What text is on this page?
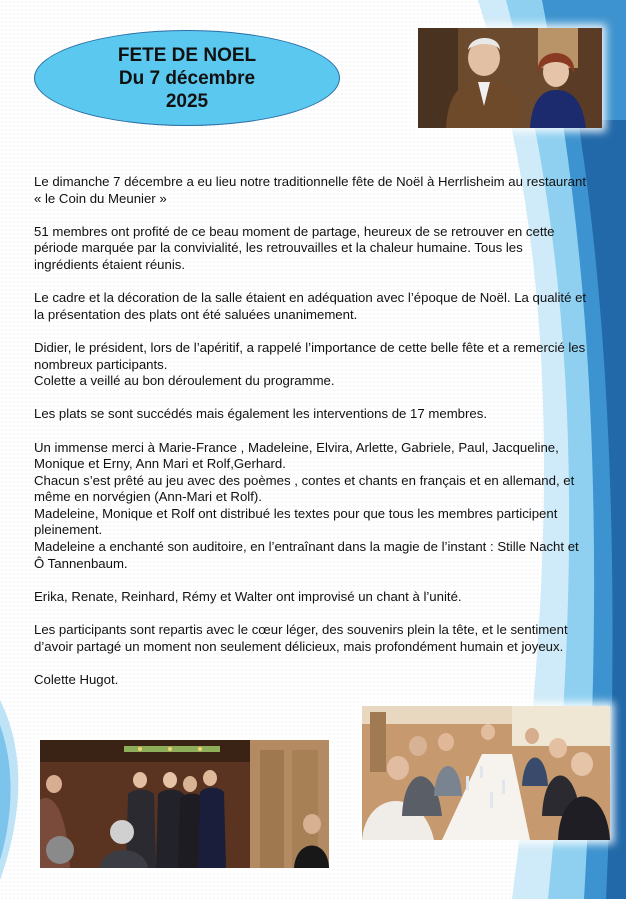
FETE DE NOEL
Du 7 décembre
2025

Le dimanche 7 décembre a eu lieu notre traditionnelle fête de Noël à Herrlisheim au restaurant « le Coin du Meunier »

51 membres ont profité de ce beau moment de partage, heureux de se retrouver en cette période marquée par la convivialité, les retrouvailles et la chaleur humaine. Tous les ingrédients étaient réunis.

Le cadre et la décoration de la salle étaient en adéquation avec l’époque de Noël. La qualité et la présentation des plats ont été saluées unanimement.

Didier, le président, lors de l’apéritif, a rappelé l’importance de cette belle fête et a remercié les nombreux participants.
Colette a veillé au bon déroulement du programme.

Les plats se sont succédés mais également les interventions de 17 membres.

Un immense merci à Marie-France , Madeleine, Elvira, Arlette, Gabriele, Paul, Jacqueline, Monique et Erny, Ann Mari et Rolf,Gerhard.
Chacun s’est prêté au jeu avec des poèmes , contes et chants en français et en allemand, et même en norvégien (Ann-Mari et Rolf).
Madeleine, Monique et Rolf ont distribué les textes pour que tous les membres participent pleinement.
Madeleine a enchanté son auditoire, en l’entraînant dans la magie de l’instant : Stille Nacht et Ô Tannenbaum.

Erika, Renate, Reinhard, Rémy et Walter ont improvisé un chant à l’unité.

Les participants sont repartis avec le cœur léger, des souvenirs plein la tête, et le sentiment d’avoir partagé un moment non seulement délicieux, mais profondément humain et joyeux.

Colette Hugot.
